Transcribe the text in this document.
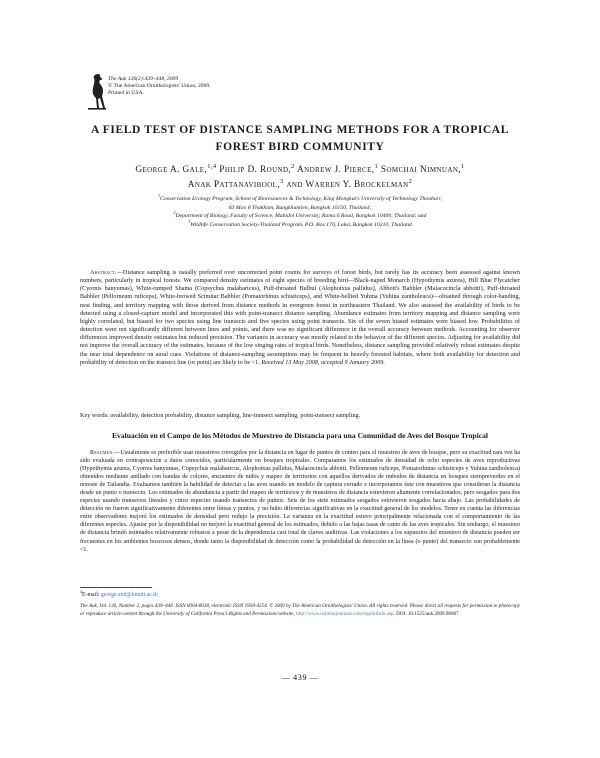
The Auk 126(2):439–448, 2009
© The American Ornithologists' Union, 2009.
Printed in USA.
A FIELD TEST OF DISTANCE SAMPLING METHODS FOR A TROPICAL
FOREST BIRD COMMUNITY
George A. Gale,$^{1,4}$ Philip D. Round,$^2$ Andrew J. Pierce,$^1$ Somchai Nimnuan,$^1$
Anak Pattanavibool,$^3$ and Warren Y. Brockelman$^2$
$^1$Conservation Ecology Program, School of Bioresources & Technology, King Mongkut's University of Technology Thonburi,
83 Moo 8 Thakham, Bangkhuntien, Bangkok 10150, Thailand;
$^2$Department of Biology, Faculty of Science, Mahidol University, Rama 6 Road, Bangkok 10400, Thailand; and
$^3$Wildlife Conservation Society-Thailand Program, P.O. Box 170, Laksi, Bangkok 10210, Thailand
Abstract.—Distance sampling is usually preferred over uncorrected point counts for surveys of forest birds, but rarely has its accuracy been assessed against known numbers, particularly in tropical forests. We compared density estimates of eight species of breeding bird—Black-naped Monarch (Hypothymis azurea), Hill Blue Flycatcher (Cyornis banyumas), White-rumped Shama (Copsychus malabaricus), Puff-throated Bulbul (Alophoixus pallidus), Abbott's Babbler (Malacocincla abbotti), Puff-throated Babbler (Pellorneum ruficeps), White-browed Scimitar Babbler (Pomatorhinus schisticeps), and White-bellied Yuhina (Yuhina zantholeuca)—obtained through color-banding, nest finding, and territory mapping with those derived from distance methods in evergreen forest in northeastern Thailand. We also assessed the availability of birds to be detected using a closed-capture model and incorporated this with point-transect distance sampling. Abundance estimates from territory mapping and distance sampling were highly correlated, but biased for two species using line transects and five species using point transects. Six of the seven biased estimates were biased low. Probabilities of detection were not significantly different between lines and points, and there was no significant difference in the overall accuracy between methods. Accounting for observer differences improved density estimates but reduced precision. The variance in accuracy was mostly related to the behavior of the different species. Adjusting for availability did not improve the overall accuracy of the estimates, because of the low singing rates of tropical birds. Nonetheless, distance sampling provided relatively robust estimates despite the near total dependence on aural cues. Violations of distance-sampling assumptions may be frequent in heavily forested habitats, where both availability for detection and probability of detection on the transect line (or point) are likely to be <1. Received 13 May 2008, accepted 9 January 2009.
Key words: availability, detection probability, distance sampling, line-transect sampling, point-transect sampling.
Evaluación en el Campo de los Métodos de Muestreo de Distancia para una Comunidad de Aves del Bosque Tropical
Resumen.—Usualmente es preferible usar muestreos corregidos por la distancia en lugar de puntos de conteo para el muestreo de aves de bosque, pero su exactitud rara vez ha sido evaluada en contraposición a datos conocidos, particularmente en bosques tropicales. Comparamos los estimados de densidad de ocho especies de aves reproductivas (Hypothymis azurea, Cyornis banyumas, Copsychus malabaricus, Alophoixus pallidus, Malacocincla abbotti, Pellorneum ruficeps, Pomatorhinus schisticeps y Yuhina zantholeuca) obtenidos mediante anillado con bandas de colores, encuentro de nidos y mapeo de territorios con aquellos derivados de métodos de distancia en bosques siempreverdes en el noreste de Tailandia. Evaluamos también la habilidad de detectar a las aves usando un modelo de captura cerrado e incorporamos éste con muestreos que consideran la distancia desde un punto o transecto. Los estimados de abundancia a partir del mapeo de territorios y de muestreos de distancia estuvieron altamente correlacionados, pero sesgados para dos especies usando transectos lineales y cinco especies usando transectos de puntos. Seis de los siete estimados sesgados estuvieron sesgados hacia abajo. Las probabilidades de detección no fueron significativamente diferentes entre líneas y puntos, y no hubo diferencias significativas en la exactitud general de los modelos. Tener en cuenta las diferencias entre observadores mejoró los estimados de densidad pero redujo la precisión. La varianza en la exactitud estuvo principalmente relacionada con el comportamiento de las diferentes especies. Ajustar por la disponibilidad no mejoró la exactitud general de los estimados, debido a las bajas tasas de canto de las aves tropicales. Sin embargo, el muestreo de distancia brindó estimados relativamente robustos a pesar de la dependencia casi total de claves auditivas. Las violaciones a los supuestos del muestreo de distancia pueden ser frecuentes en los ambientes boscosos densos, donde tanto la disponibilidad de detección como la probabilidad de detección en la línea (o punto) del transecto son probablemente <1.
$^4$E-mail: george.and@kmutt.ac.th
The Auk, Vol. 126, Number 2, pages 439–448. ISSN 0004-8038, electronic ISSN 1938-4254. © 2009 by The American Ornithologists' Union. All rights reserved. Please direct all requests for permission to photocopy or reproduce article content through the University of California Press's Rights and Permissions website, http://www.ucpressjournals.com/reprintInfo.asp. DOI: 10.1525/auk.2009.08087
— 439 —
